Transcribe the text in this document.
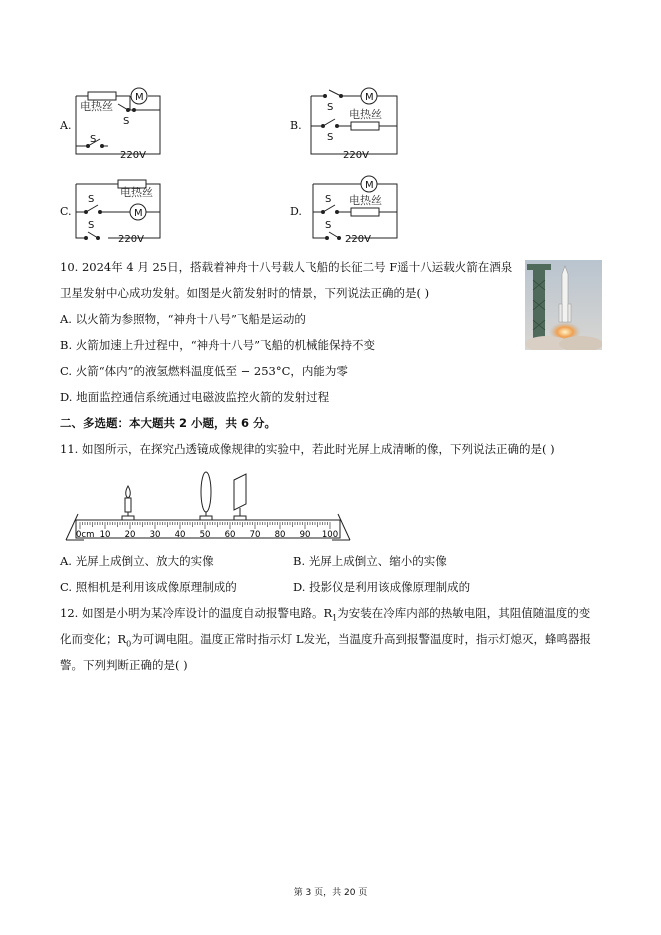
A.
电热丝
M
S
S
220V
B.
S
M
电热丝
S
220V
C.
电热丝
M
S
S
220V
D.
M
电热丝
S
S
220V
10. 2024年 4 月 25日，搭载着神舟十八号载人飞船的长征二号 F遥十八运载火箭在酒泉
卫星发射中心成功发射。如图是火箭发射时的情景，下列说法正确的是( )
A. 以火箭为参照物，“神舟十八号”飞船是运动的
B. 火箭加速上升过程中，“神舟十八号”飞船的机械能保持不变
C. 火箭“体内”的液氢燃料温度低至 − 253°C，内能为零
D. 地面监控通信系统通过电磁波监控火箭的发射过程
二、多选题：本大题共 2 小题，共 6 分。
11. 如图所示，在探究凸透镜成像规律的实验中，若此时光屏上成清晰的像，下列说法正确的是( )
0cm 10 20 30 40 50 60 70 80 90 100
A. 光屏上成倒立、放大的实像	B. 光屏上成倒立、缩小的实像
C. 照相机是利用该成像原理制成的	D. 投影仪是利用该成像原理制成的
12. 如图是小明为某冷库设计的温度自动报警电路。$R_1$为安装在冷库内部的热敏电阻，其阻值随温度的变
化而变化；$R_0$为可调电阻。温度正常时指示灯 L发光，当温度升高到报警温度时，指示灯熄灭，蜂鸣器报
警。下列判断正确的是( )
第 3 页，共 20 页
